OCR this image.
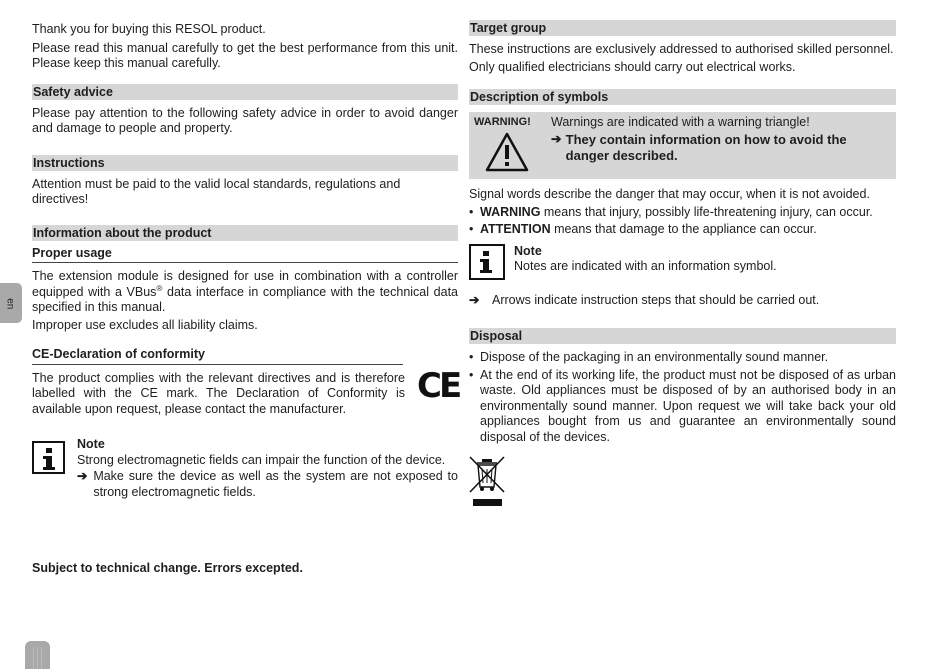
en

Thank you for buying this RESOL product.

Please read this manual carefully to get the best performance from this unit. Please keep this manual carefully.

Safety advice

Please pay attention to the following safety advice in order to avoid danger and damage to people and property.

Instructions

Attention must be paid to the valid local standards, regulations and directives!

Information about the product
Proper usage

The extension module is designed for use in combination with a controller equipped with a VBus® data interface in compliance with the technical data specified in this manual.

Improper use excludes all liability claims.

CE-Declaration of conformity

The product complies with the relevant directives and is therefore labelled with the CE mark. The Declaration of Conformity is available upon request, please contact the manufacturer.

CE
Note

Strong electromagnetic fields can impair the function of the device.

➔ Make sure the device as well as the system are not exposed to strong electromagnetic fields.

Subject to technical change. Errors excepted.

Target group

These instructions are exclusively addressed to authorised skilled personnel.

Only qualified electricians should carry out electrical works.

Description of symbols
WARNING! Warnings are indicated with a warning triangle!

➔ They contain information on how to avoid the danger described.

Signal words describe the danger that may occur, when it is not avoided.

• WARNING means that injury, possibly life-threatening injury, can occur.

• ATTENTION means that damage to the appliance can occur.

Note

Notes are indicated with an information symbol.

➔	Arrows indicate instruction steps that should be carried out.

Disposal
• Dispose of the packaging in an environmentally sound manner.

• At the end of its working life, the product must not be disposed of as urban waste. Old appliances must be disposed of by an authorised body in an environmentally sound manner. Upon request we will take back your old appliances bought from us and guarantee an environmentally sound disposal of the devices.
